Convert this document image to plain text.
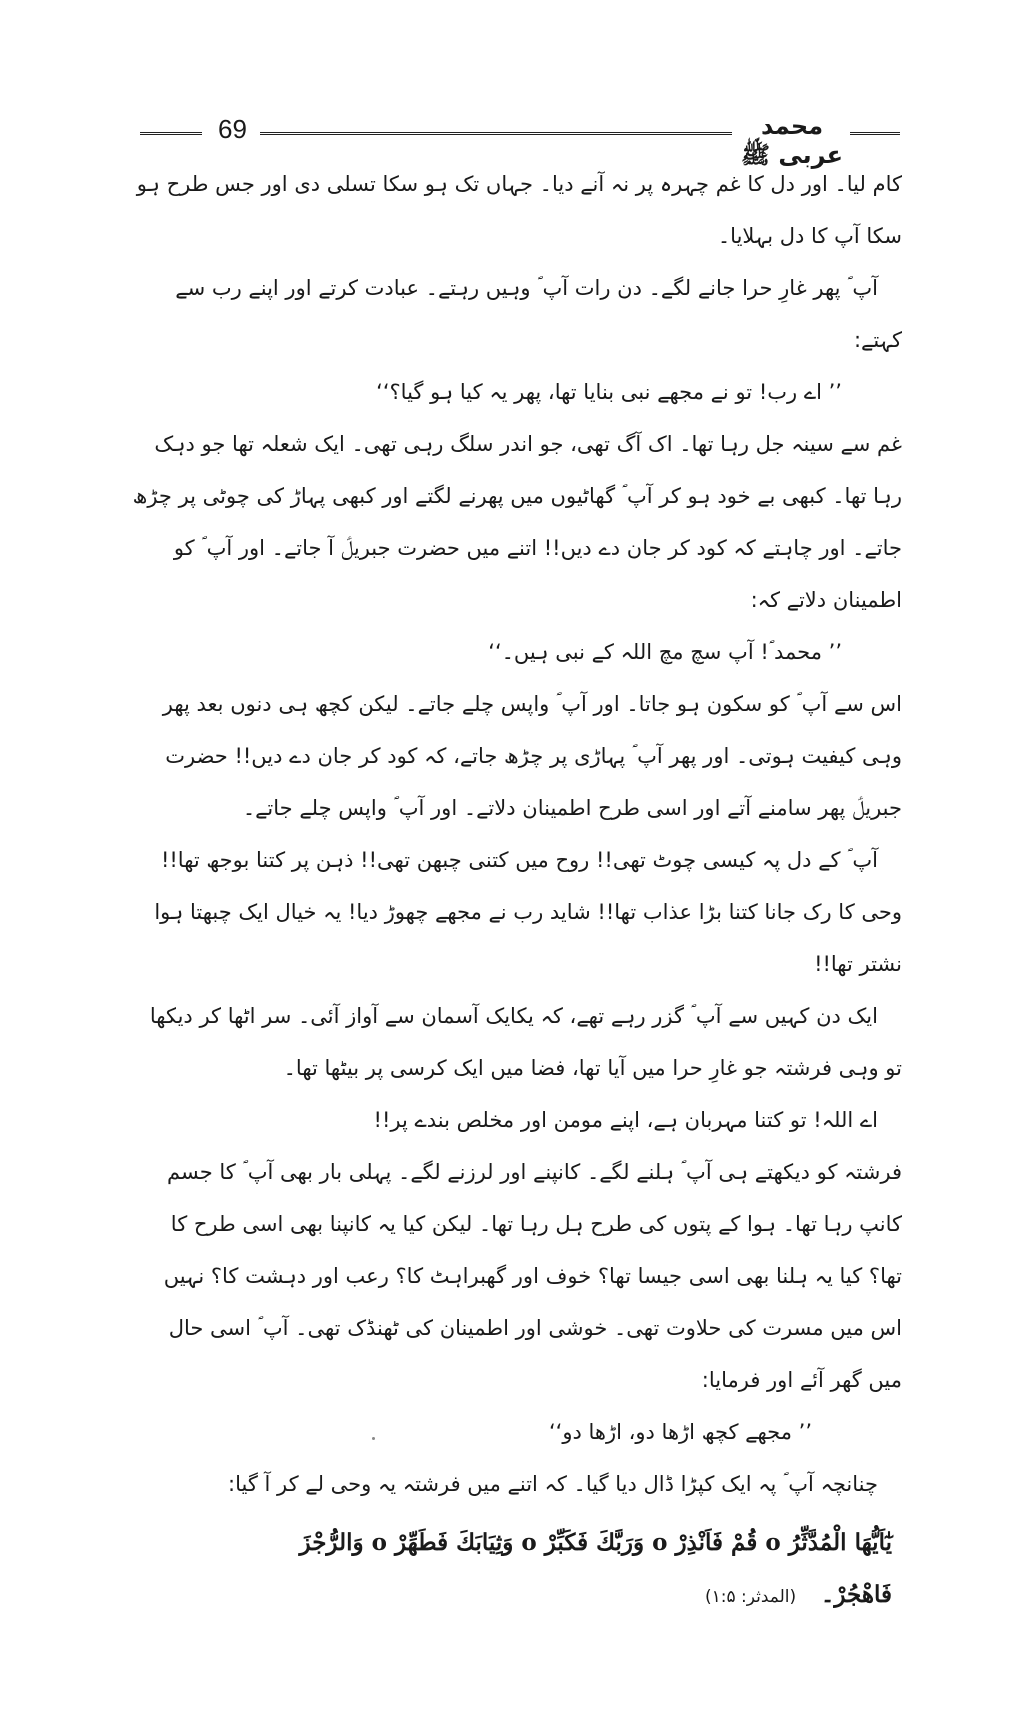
69	محمد عربی ﷺ

کام لیا۔ اور دل کا غم چہرہ پر نہ آنے دیا۔ جہاں تک ہو سکا تسلی دی اور جس طرح ہو سکا آپ کا دل بہلایا۔

آپ ؐ پھر غارِ حرا جانے لگے۔ دن رات آپ ؐ وہیں رہتے۔ عبادت کرتے اور اپنے رب سے کہتے:

’’ اے رب! تو نے مجھے نبی بنایا تھا، پھر یہ کیا ہو گیا؟‘‘

غم سے سینہ جل رہا تھا۔ اک آگ تھی، جو اندر سلگ رہی تھی۔ ایک شعلہ تھا جو دہک رہا تھا۔ کبھی بے خود ہو کر آپ ؐ گھاٹیوں میں پھرنے لگتے اور کبھی پہاڑ کی چوٹی پر چڑھ جاتے۔ اور چاہتے کہ کود کر جان دے دیں!! اتنے میں حضرت جبریلؑ آ جاتے۔ اور آپ ؐ کو اطمینان دلاتے کہ:

’’ محمد ؐ! آپ سچ مچ اللہ کے نبی ہیں۔‘‘

اس سے آپ ؐ کو سکون ہو جاتا۔ اور آپ ؐ واپس چلے جاتے۔ لیکن کچھ ہی دنوں بعد پھر وہی کیفیت ہوتی۔ اور پھر آپ ؐ پہاڑی پر چڑھ جاتے، کہ کود کر جان دے دیں!! حضرت جبریلؑ پھر سامنے آتے اور اسی طرح اطمینان دلاتے۔ اور آپ ؐ واپس چلے جاتے۔

آپ ؐ کے دل پہ کیسی چوٹ تھی!! روح میں کتنی چبھن تھی!! ذہن پر کتنا بوجھ تھا!! وحی کا رک جانا کتنا بڑا عذاب تھا!! شاید رب نے مجھے چھوڑ دیا! یہ خیال ایک چبھتا ہوا نشتر تھا!!

ایک دن کہیں سے آپ ؐ گزر رہے تھے، کہ یکایک آسمان سے آواز آئی۔ سر اٹھا کر دیکھا تو وہی فرشتہ جو غارِ حرا میں آیا تھا، فضا میں ایک کرسی پر بیٹھا تھا۔

اے اللہ! تو کتنا مہربان ہے، اپنے مومن اور مخلص بندے پر!!

فرشتہ کو دیکھتے ہی آپ ؐ ہلنے لگے۔ کانپنے اور لرزنے لگے۔ پہلی بار بھی آپ ؐ کا جسم کانپ رہا تھا۔ ہوا کے پتوں کی طرح ہل رہا تھا۔ لیکن کیا یہ کانپنا بھی اسی طرح کا تھا؟ کیا یہ ہلنا بھی اسی جیسا تھا؟ خوف اور گھبراہٹ کا؟ رعب اور دہشت کا؟ نہیں اس میں مسرت کی حلاوت تھی۔ خوشی اور اطمینان کی ٹھنڈک تھی۔ آپ ؐ اسی حال میں گھر آئے اور فرمایا:

’’ مجھے کچھ اڑھا دو، اڑھا دو‘‘

چنانچہ آپ ؐ پہ ایک کپڑا ڈال دیا گیا۔ کہ اتنے میں فرشتہ یہ وحی لے کر آ گیا:

يٰٓاَيُّهَا الْمُدَّثِّرُ o قُمْ فَاَنْذِرْ o وَرَبَّكَ فَكَبِّرْ o وَثِيَابَكَ فَطَهِّرْ o وَالرُّجْزَ

فَاهْجُرْ۔ (المدثر: ۱:۵)
